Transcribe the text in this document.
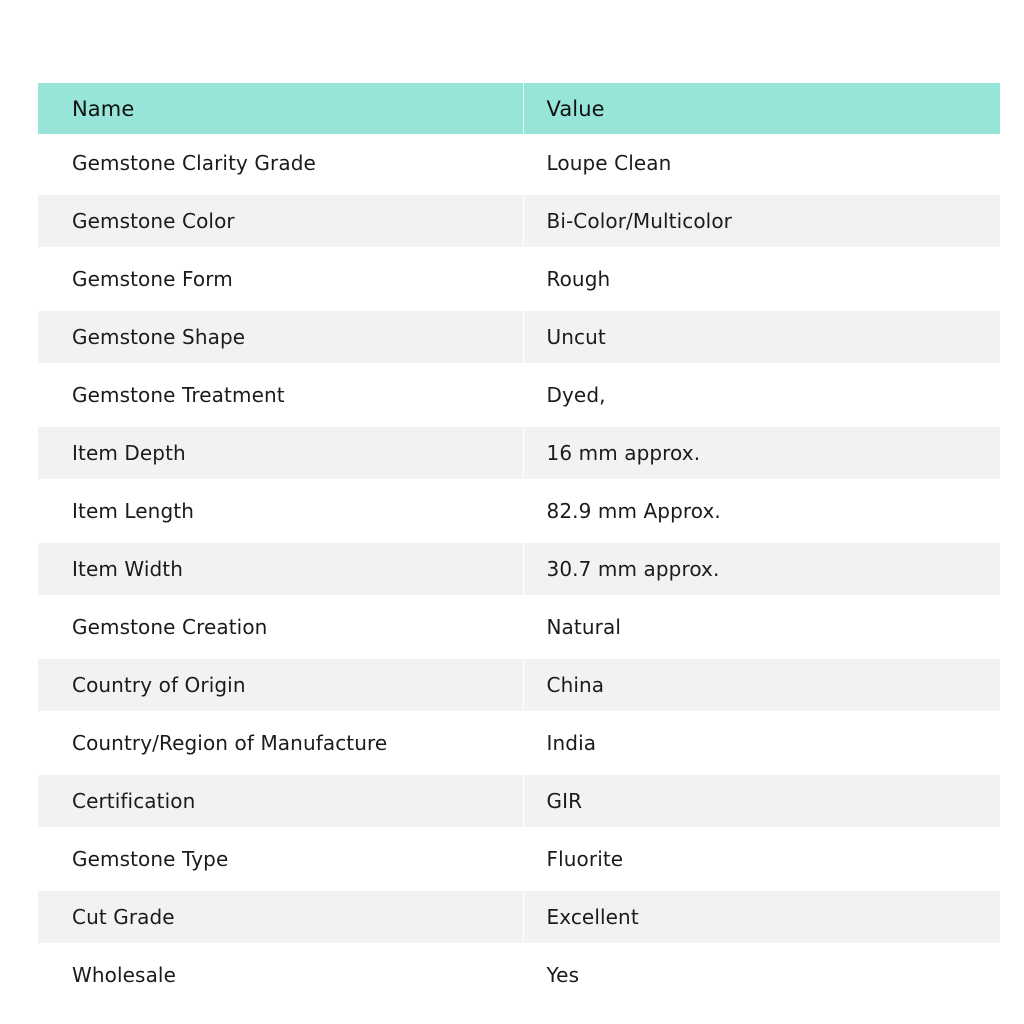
Name	Value
Gemstone Clarity Grade	Loupe Clean
Gemstone Color	Bi-Color/Multicolor
Gemstone Form	Rough
Gemstone Shape	Uncut
Gemstone Treatment	Dyed,
Item Depth	16 mm approx.
Item Length	82.9 mm Approx.
Item Width	30.7 mm approx.
Gemstone Creation	Natural
Country of Origin	China
Country/Region of Manufacture	India
Certification	GIR
Gemstone Type	Fluorite
Cut Grade	Excellent
Wholesale	Yes
